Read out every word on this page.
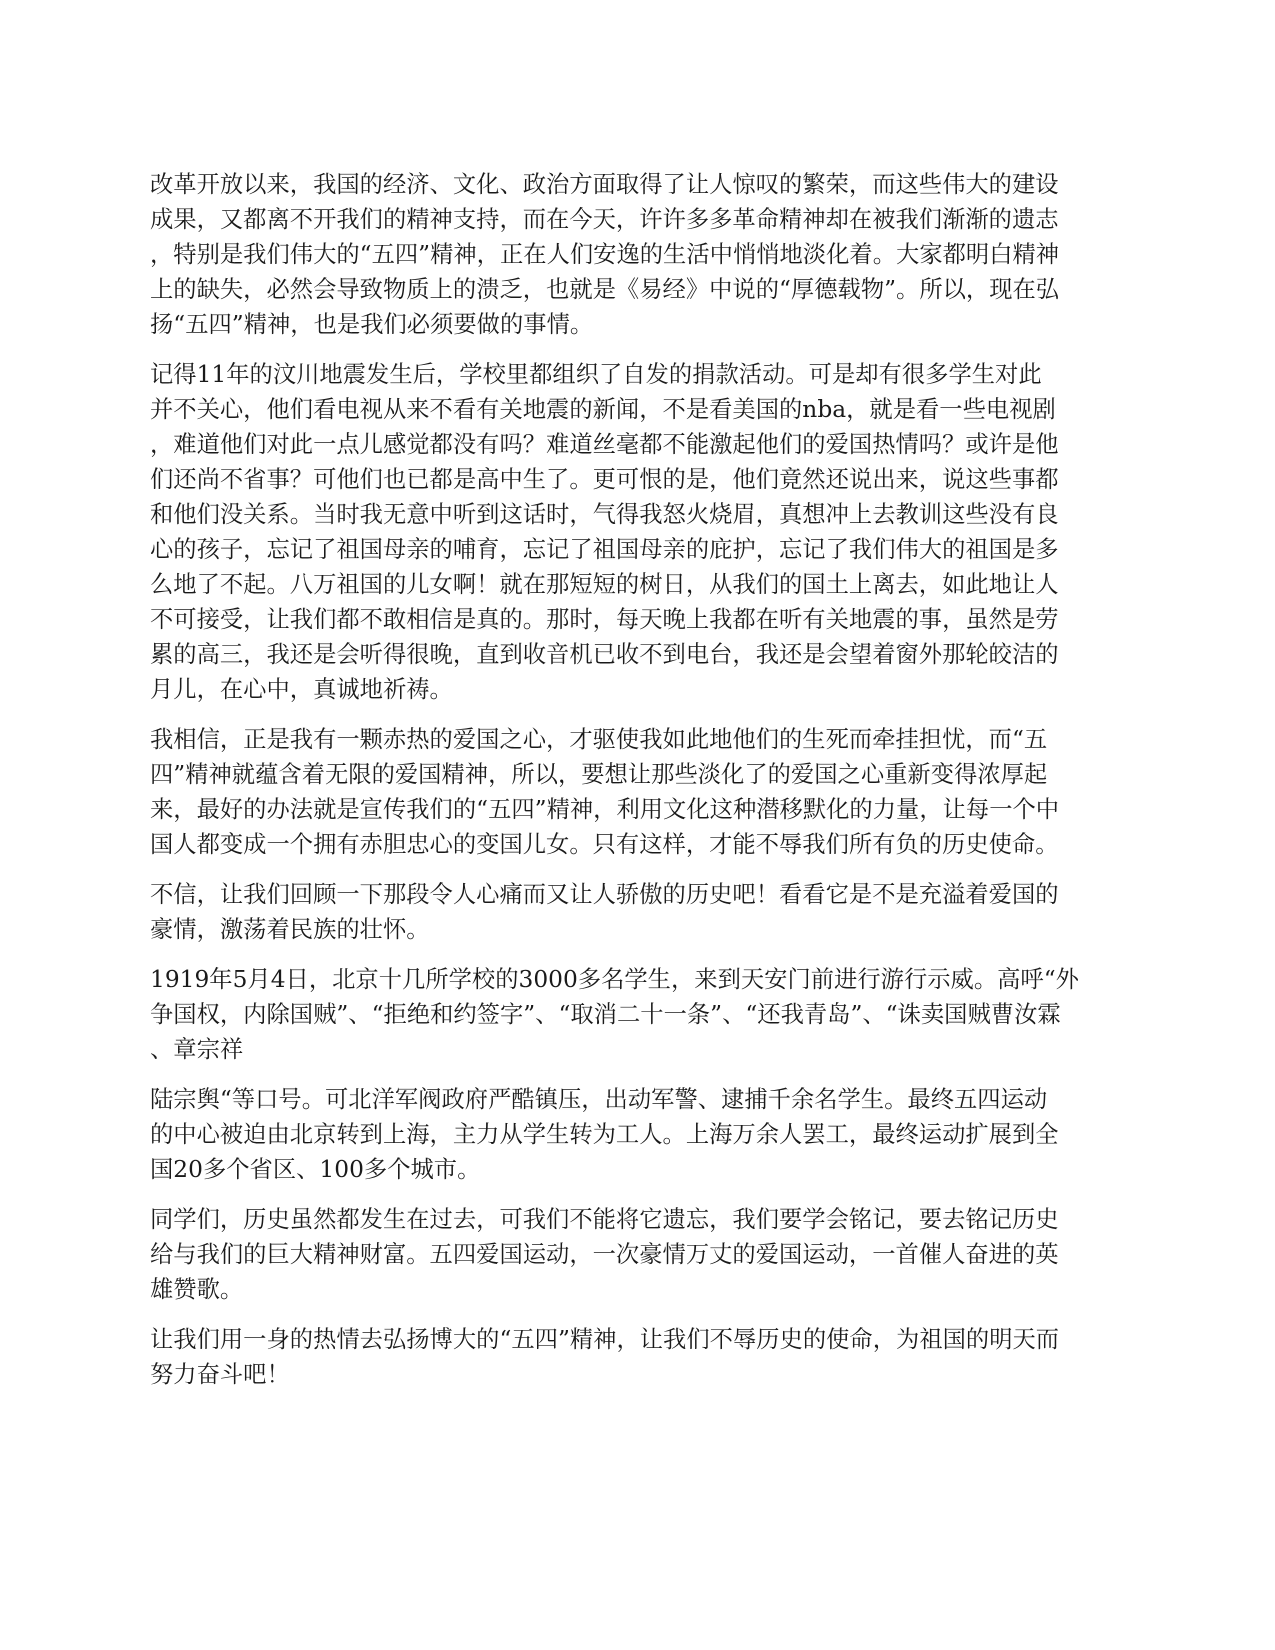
改革开放以来，我国的经济、文化、政治方面取得了让人惊叹的繁荣，而这些伟大的建设
成果，又都离不开我们的精神支持，而在今天，许许多多革命精神却在被我们渐渐的遗志
，特别是我们伟大的“五四”精神，正在人们安逸的生活中悄悄地淡化着。大家都明白精神
上的缺失，必然会导致物质上的溃乏，也就是《易经》中说的“厚德载物”。所以，现在弘
扬“五四”精神，也是我们必须要做的事情。

记得11年的汶川地震发生后，学校里都组织了自发的捐款活动。可是却有很多学生对此
并不关心，他们看电视从来不看有关地震的新闻，不是看美国的nba，就是看一些电视剧
，难道他们对此一点儿感觉都没有吗？难道丝毫都不能激起他们的爱国热情吗？或许是他
们还尚不省事？可他们也已都是高中生了。更可恨的是，他们竟然还说出来，说这些事都
和他们没关系。当时我无意中听到这话时，气得我怒火烧眉，真想冲上去教训这些没有良
心的孩子，忘记了祖国母亲的哺育，忘记了祖国母亲的庇护，忘记了我们伟大的祖国是多
么地了不起。八万祖国的儿女啊！就在那短短的树日，从我们的国土上离去，如此地让人
不可接受，让我们都不敢相信是真的。那时，每天晚上我都在听有关地震的事，虽然是劳
累的高三，我还是会听得很晚，直到收音机已收不到电台，我还是会望着窗外那轮皎洁的
月儿，在心中，真诚地祈祷。

我相信，正是我有一颗赤热的爱国之心，才驱使我如此地他们的生死而牵挂担忧，而“五
四”精神就蕴含着无限的爱国精神，所以，要想让那些淡化了的爱国之心重新变得浓厚起
来，最好的办法就是宣传我们的“五四”精神，利用文化这种潜移默化的力量，让每一个中
国人都变成一个拥有赤胆忠心的变国儿女。只有这样，才能不辱我们所有负的历史使命。

不信，让我们回顾一下那段令人心痛而又让人骄傲的历史吧！看看它是不是充溢着爱国的
豪情，激荡着民族的壮怀。

1919年5月4日，北京十几所学校的3000多名学生，来到天安门前进行游行示威。高呼“外
争国权，内除国贼”、“拒绝和约签字”、“取消二十一条”、“还我青岛”、“诛卖国贼曹汝霖
、章宗祥

陆宗舆“等口号。可北洋军阀政府严酷镇压，出动军警、逮捕千余名学生。最终五四运动
的中心被迫由北京转到上海，主力从学生转为工人。上海万余人罢工，最终运动扩展到全
国20多个省区、100多个城市。

同学们，历史虽然都发生在过去，可我们不能将它遗忘，我们要学会铭记，要去铭记历史
给与我们的巨大精神财富。五四爱国运动，一次豪情万丈的爱国运动，一首催人奋进的英
雄赞歌。

让我们用一身的热情去弘扬博大的“五四”精神，让我们不辱历史的使命，为祖国的明天而
努力奋斗吧！
